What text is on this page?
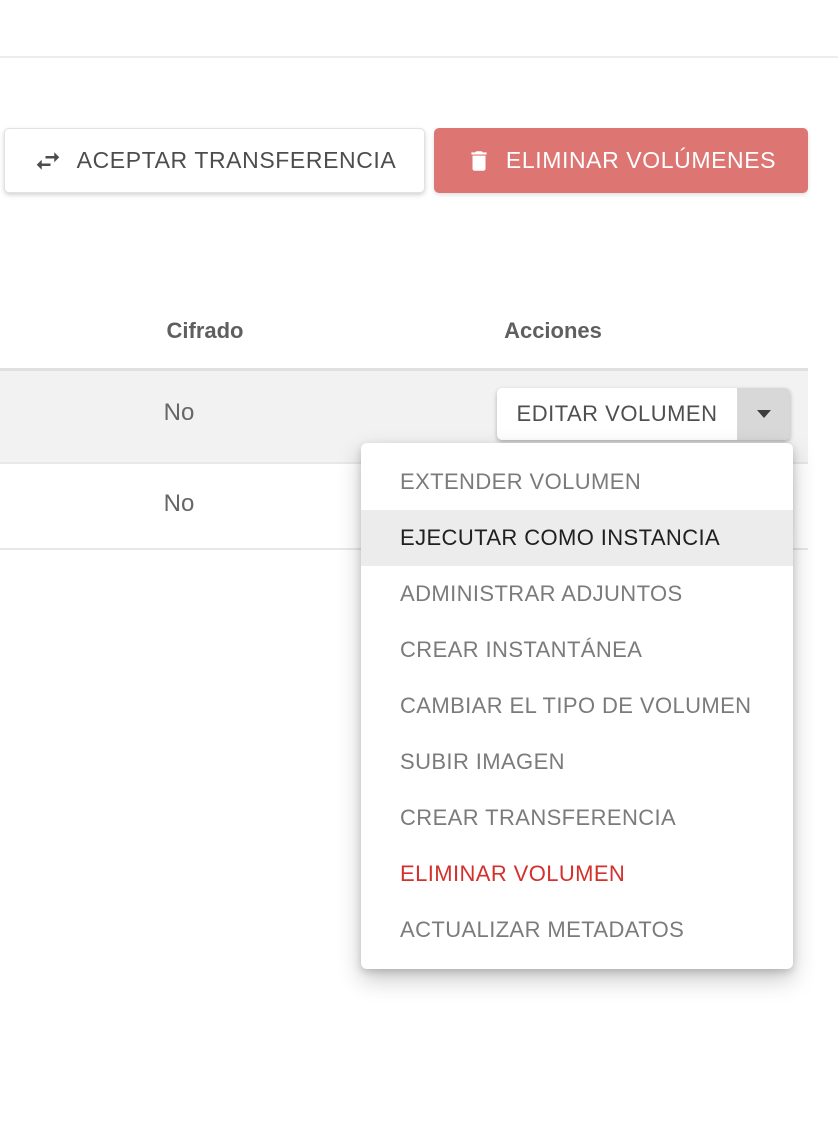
ACEPTAR TRANSFERENCIA	ELIMINAR VOLÚMENES
Cifrado	Acciones
No
No
EDITAR VOLUMEN
EXTENDER VOLUMEN
EJECUTAR COMO INSTANCIA
ADMINISTRAR ADJUNTOS
CREAR INSTANTÁNEA
CAMBIAR EL TIPO DE VOLUMEN
SUBIR IMAGEN
CREAR TRANSFERENCIA
ELIMINAR VOLUMEN
ACTUALIZAR METADATOS
